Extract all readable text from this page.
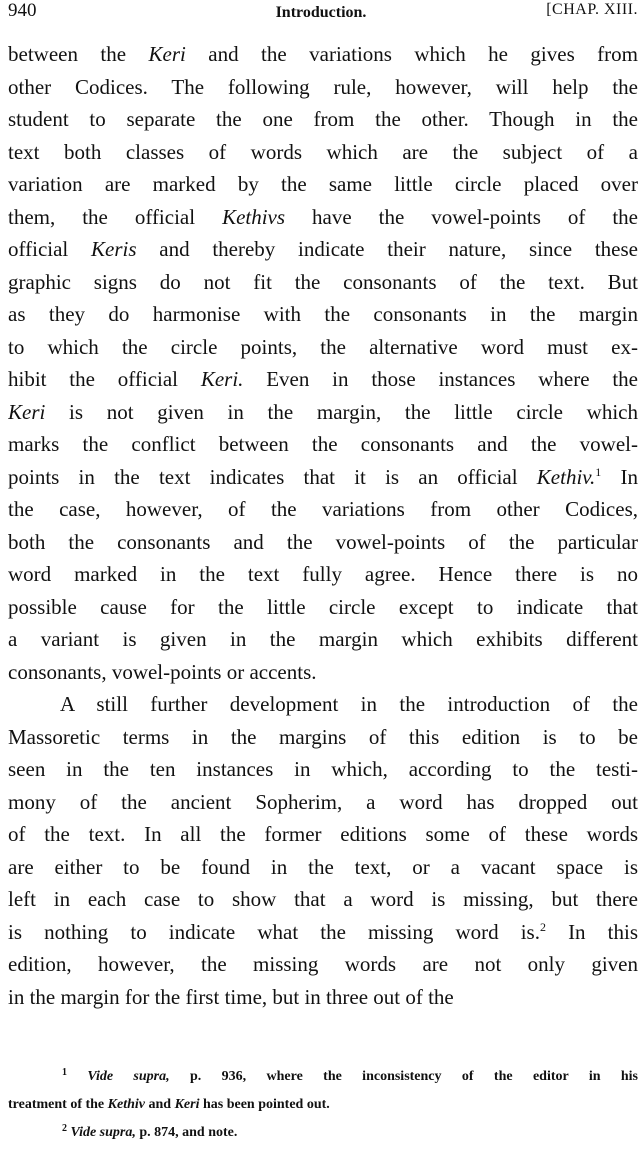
940	Introduction.	[CHAP. XIII.
between the Keri and the variations which he gives from
other Codices. The following rule, however, will help the
student to separate the one from the other. Though in the
text both classes of words which are the subject of a
variation are marked by the same little circle placed over
them, the official Kethivs have the vowel-points of the
official Keris and thereby indicate their nature, since these
graphic signs do not fit the consonants of the text. But
as they do harmonise with the consonants in the margin
to which the circle points, the alternative word must ex-
hibit the official Keri. Even in those instances where the
Keri is not given in the margin, the little circle which
marks the conflict between the consonants and the vowel-
points in the text indicates that it is an official Kethiv.$^1$ In
the case, however, of the variations from other Codices,
both the consonants and the vowel-points of the particular
word marked in the text fully agree. Hence there is no
possible cause for the little circle except to indicate that
a variant is given in the margin which exhibits different
consonants, vowel-points or accents.
A still further development in the introduction of the
Massoretic terms in the margins of this edition is to be
seen in the ten instances in which, according to the testi-
mony of the ancient Sopherim, a word has dropped out
of the text. In all the former editions some of these words
are either to be found in the text, or a vacant space is
left in each case to show that a word is missing, but there
is nothing to indicate what the missing word is.$^2$ In this
edition, however, the missing words are not only given
in the margin for the first time, but in three out of the
$^1$ Vide supra, p. 936, where the inconsistency of the editor in his
treatment of the Kethiv and Keri has been pointed out.
$^2$ Vide supra, p. 874, and note.
